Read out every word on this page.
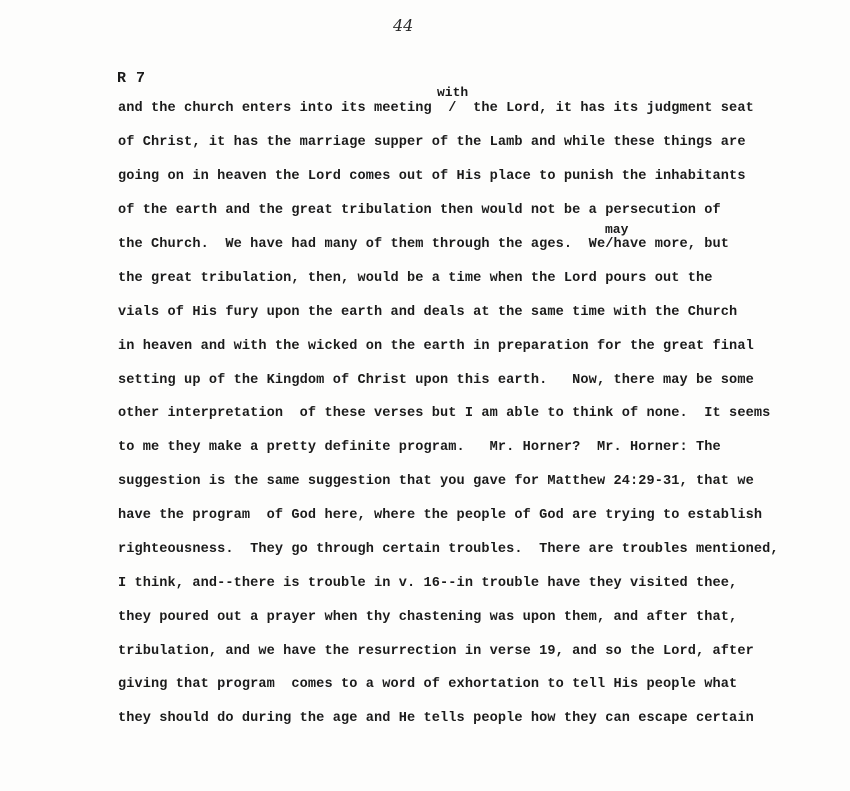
44
R 7
with
may
and the church enters into its meeting  /  the Lord, it has its judgment seat
of Christ, it has the marriage supper of the Lamb and while these things are
going on in heaven the Lord comes out of His place to punish the inhabitants
of the earth and the great tribulation then would not be a persecution of
the Church.  We have had many of them through the ages.  We/have more, but
the great tribulation, then, would be a time when the Lord pours out the
vials of His fury upon the earth and deals at the same time with the Church
in heaven and with the wicked on the earth in preparation for the great final
setting up of the Kingdom of Christ upon this earth.   Now, there may be some
other interpretation  of these verses but I am able to think of none.  It seems
to me they make a pretty definite program.   Mr. Horner?  Mr. Horner: The
suggestion is the same suggestion that you gave for Matthew 24:29-31, that we
have the program  of God here, where the people of God are trying to establish
righteousness.  They go through certain troubles.  There are troubles mentioned,
I think, and--there is trouble in v. 16--in trouble have they visited thee,
they poured out a prayer when thy chastening was upon them, and after that,
tribulation, and we have the resurrection in verse 19, and so the Lord, after
giving that program  comes to a word of exhortation to tell His people what
they should do during the age and He tells people how they can escape certain
